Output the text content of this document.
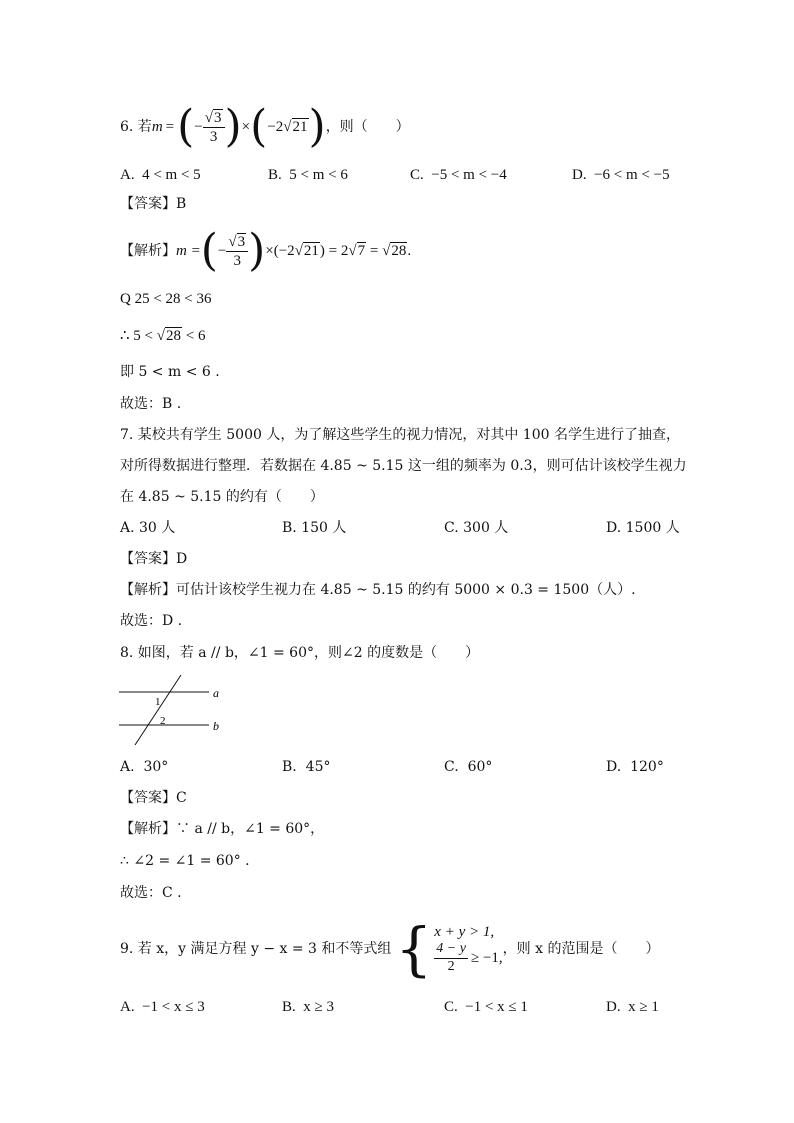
6. 若 m = ( − $\frac{√3}{3}$ ) × ( −2 √21 ) ，则（　　）
A. 4 < m < 5	B. 5 < m < 6	C. −5 < m < −4	D. −6 < m < −5
【答案】B
【解析】 m = ( − $\frac{√3}{3}$ ) ×(−2 √21 ) = 2 √7 = √28 .
Q 25 < 28 < 36
∴ 5 < √28 < 6
即 5 < m < 6 .
故选：B .
7. 某校共有学生 5000 人，为了解这些学生的视力情况，对其中 100 名学生进行了抽查，
对所得数据进行整理．若数据在 4.85 ~ 5.15 这一组的频率为 0.3，则可估计该校学生视力
在 4.85 ~ 5.15 的约有（　　）
A. 30 人	B. 150 人	C. 300 人	D. 1500 人
【答案】D
【解析】可估计该校学生视力在 4.85 ~ 5.15 的约有 5000 × 0.3 = 1500（人）.
故选：D .
8. 如图，若 a // b，∠1 = 60°，则∠2 的度数是（　　）
a
b
1
2
A. 30°	B. 45°	C. 60°	D. 120°
【答案】C
【解析】∵ a // b，∠1 = 60°，
∴ ∠2 = ∠1 = 60° .
故选：C .
9. 若 x，y 满足方程 y − x = 3 和不等式组 { x + y > 1,
$\frac{4 - y}{2} \ge -1$,
，则 x 的范围是（　　）
A. −1 < x ≤ 3	B. x ≥ 3	C. −1 < x ≤ 1	D. x ≥ 1
